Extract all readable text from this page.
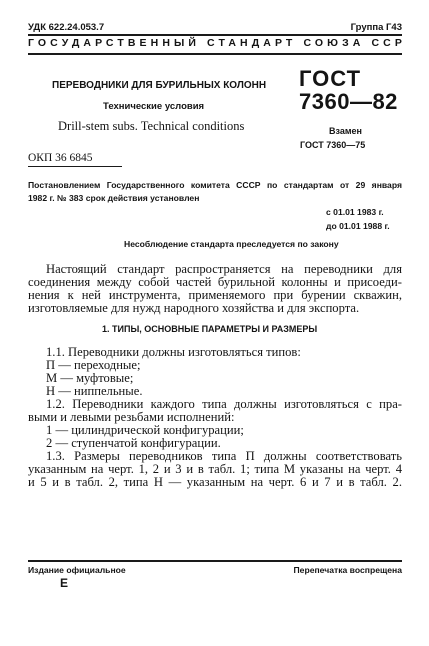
УДК 622.24.053.7	Группа Г43
ГОСУДАРСТВЕННЫЙ СТАНДАРТ СОЮЗА ССР
ПЕРЕВОДНИКИ ДЛЯ БУРИЛЬНЫХ КОЛОНН
Технические условия
Drill-stem subs. Technical conditions
ГОСТ
7360—82
Взамен
ГОСТ 7360—75
ОКП 36 6845
Постановлением Государственного комитета СССР по стандартам от 29 января
1982 г. № 383 срок действия установлен
с 01.01 1983 г.
до 01.01 1988 г.
Несоблюдение стандарта преследуется по закону
Настоящий стандарт распространяется на переводники для
соединения между собой частей бурильной колонны и присоеди-
нения к ней инструмента, применяемого при бурении скважин,
изготовляемые для нужд народного хозяйства и для экспорта.
1. ТИПЫ, ОСНОВНЫЕ ПАРАМЕТРЫ И РАЗМЕРЫ
1.1. Переводники должны изготовляться типов:
П — переходные;
М — муфтовые;
Н — ниппельные.
1.2. Переводники каждого типа должны изготовляться с пра-
выми и левыми резьбами исполнений:
1 — цилиндрической конфигурации;
2 — ступенчатой конфигурации.
1.3. Размеры переводников типа П должны соответствовать
указанным на черт. 1, 2 и 3 и в табл. 1; типа М указаны на черт. 4
и 5 и в табл. 2, типа Н — указанным на черт. 6 и 7 и в табл. 2.
Издание официальное
Е
Перепечатка воспрещена
